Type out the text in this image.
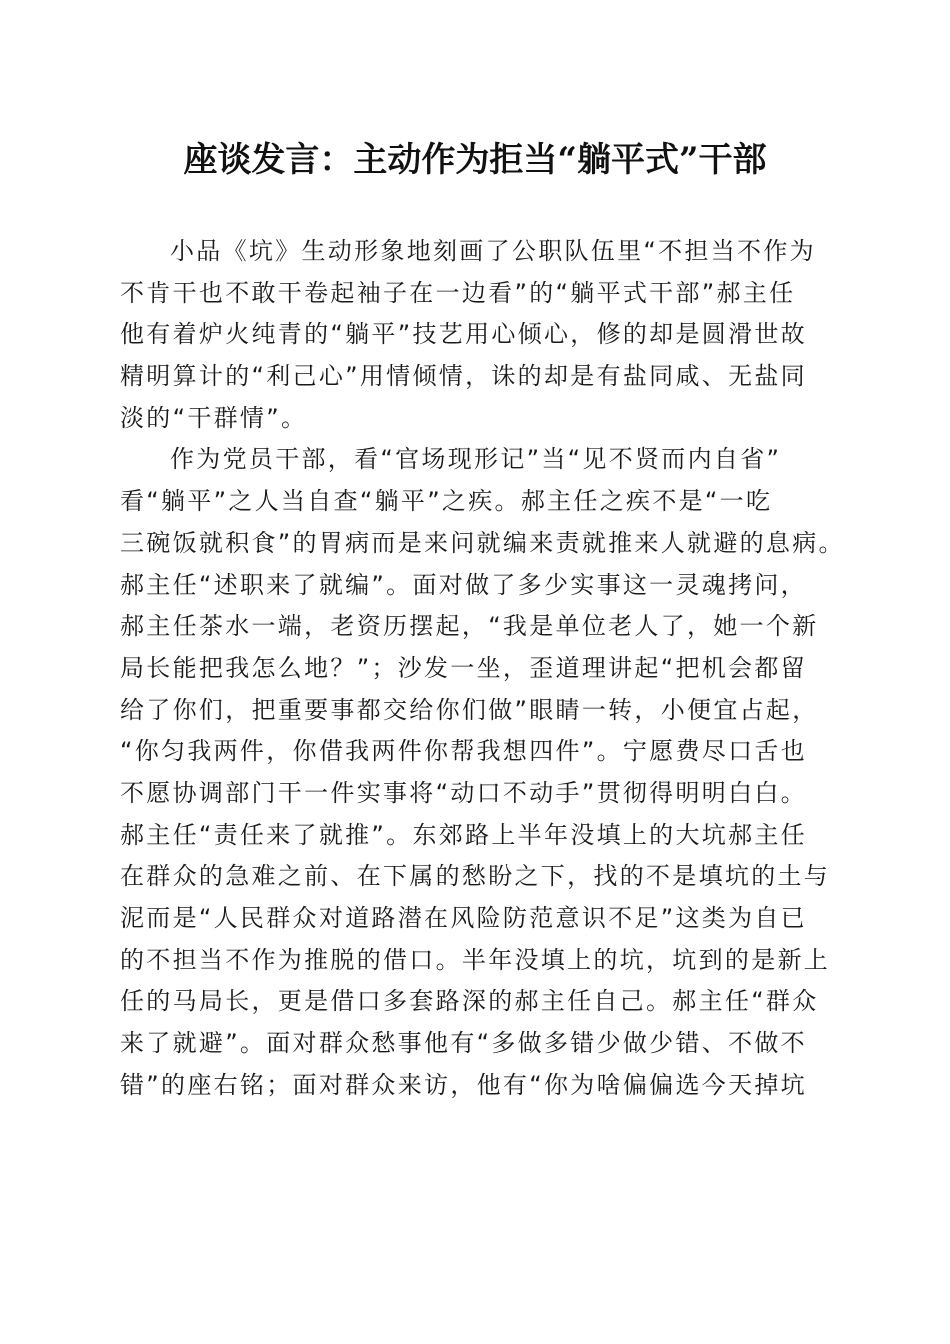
座谈发言：主动作为拒当“躺平式”干部
小品《坑》生动形象地刻画了公职队伍里“不担当不作为
不肯干也不敢干卷起袖子在一边看”的“躺平式干部”郝主任
他有着炉火纯青的“躺平”技艺用心倾心，修的却是圆滑世故
精明算计的“利己心”用情倾情，诛的却是有盐同咸、无盐同
淡的“干群情”。
作为党员干部，看“官场现形记”当“见不贤而内自省”
看“躺平”之人当自查“躺平”之疾。郝主任之疾不是“一吃
三碗饭就积食”的胃病而是来问就编来责就推来人就避的息病。
郝主任“述职来了就编”。面对做了多少实事这一灵魂拷问，
郝主任茶水一端，老资历摆起，“我是单位老人了，她一个新
局长能把我怎么地？”；沙发一坐，歪道理讲起“把机会都留
给了你们，把重要事都交给你们做”眼睛一转，小便宜占起，
“你匀我两件，你借我两件你帮我想四件”。宁愿费尽口舌也
不愿协调部门干一件实事将“动口不动手”贯彻得明明白白。
郝主任“责任来了就推”。东郊路上半年没填上的大坑郝主任
在群众的急难之前、在下属的愁盼之下，找的不是填坑的土与
泥而是“人民群众对道路潜在风险防范意识不足”这类为自已
的不担当不作为推脱的借口。半年没填上的坑，坑到的是新上
任的马局长，更是借口多套路深的郝主任自己。郝主任“群众
来了就避”。面对群众愁事他有“多做多错少做少错、不做不
错”的座右铭；面对群众来访，他有“你为啥偏偏选今天掉坑
